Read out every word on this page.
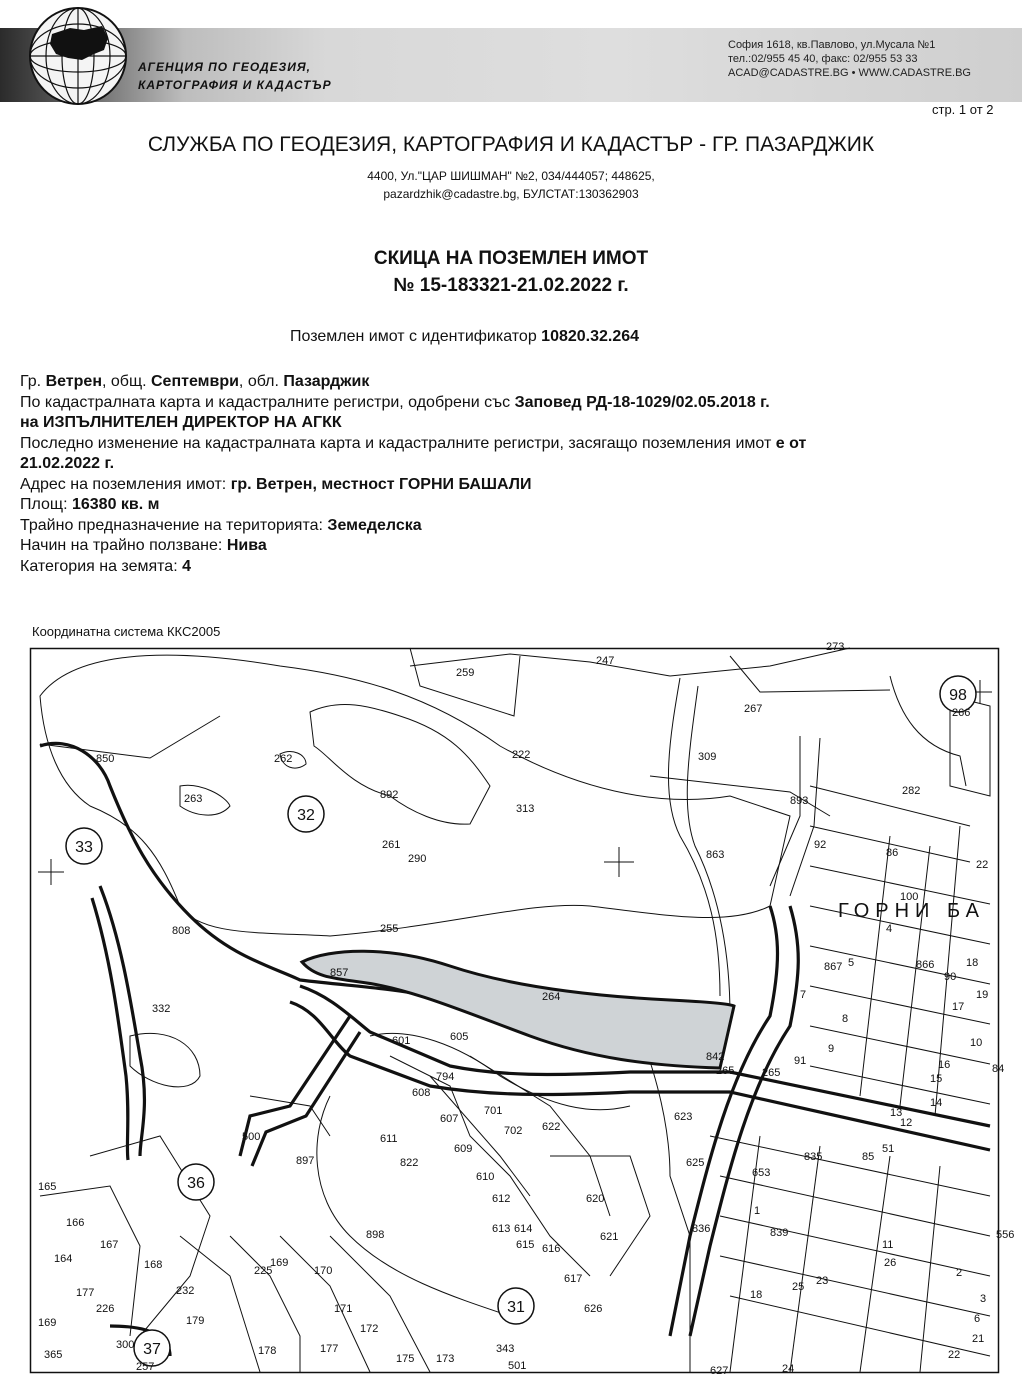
АГЕНЦИЯ ПО ГЕОДЕЗИЯ,
КАРТОГРАФИЯ И КАДАСТЪР
София 1618, кв.Павлово, ул.Мусала №1
тел.:02/955 45 40, факс: 02/955 53 33
ACAD@CADASTRE.BG • WWW.CADASTRE.BG
стр. 1 от 2
СЛУЖБА ПО ГЕОДЕЗИЯ, КАРТОГРАФИЯ И КАДАСТЪР - ГР. ПАЗАРДЖИК
4400, Ул."ЦАР ШИШМАН" №2, 034/444057; 448625,
pazardzhik@cadastre.bg, БУЛСТАТ:130362903
СКИЦА НА ПОЗЕМЛЕН ИМОТ
№ 15-183321-21.02.2022 г.
Поземлен имот с идентификатор 10820.32.264
Гр. Ветрен, общ. Септември, обл. Пазарджик
По кадастралната карта и кадастралните регистри, одобрени със Заповед РД-18-1029/02.05.2018 г.
на ИЗПЪЛНИТЕЛЕН ДИРЕКТОР НА АГКК
Последно изменение на кадастралната карта и кадастралните регистри, засягащо поземления имот е от
21.02.2022 г.
Адрес на поземления имот: гр. Ветрен, местност ГОРНИ БАШАЛИ
Площ: 16380 кв. м
Трайно предназначение на територията: Земеделска
Начин на трайно ползване: Нива
Категория на земята: 4
Координатна система ККС2005
32
33
36
31
37
98
ГОРНИ БА
259
247
273
267	266
262
850
263	892
222	309
313
893
282
261
290	863
92
86
22
808	255
857
264
867 5	866
90
332
601	605
842
265	265
91
794
608
701
607
611
822
609
610
702 622
623
625
500
897
620
612
613 614
615 616
621
617
626
627
836
898
169
225	170
232
171
172
179
178	177
175 173
343
501
164
165
166
167
168
169
177
226
300
365
257
100
4
18
19
17
7
8
9	10
84
16
15
14
13
12
85
51
835
653
1
2
3
6
21
22
23
24
25
26
11
556
839
18
